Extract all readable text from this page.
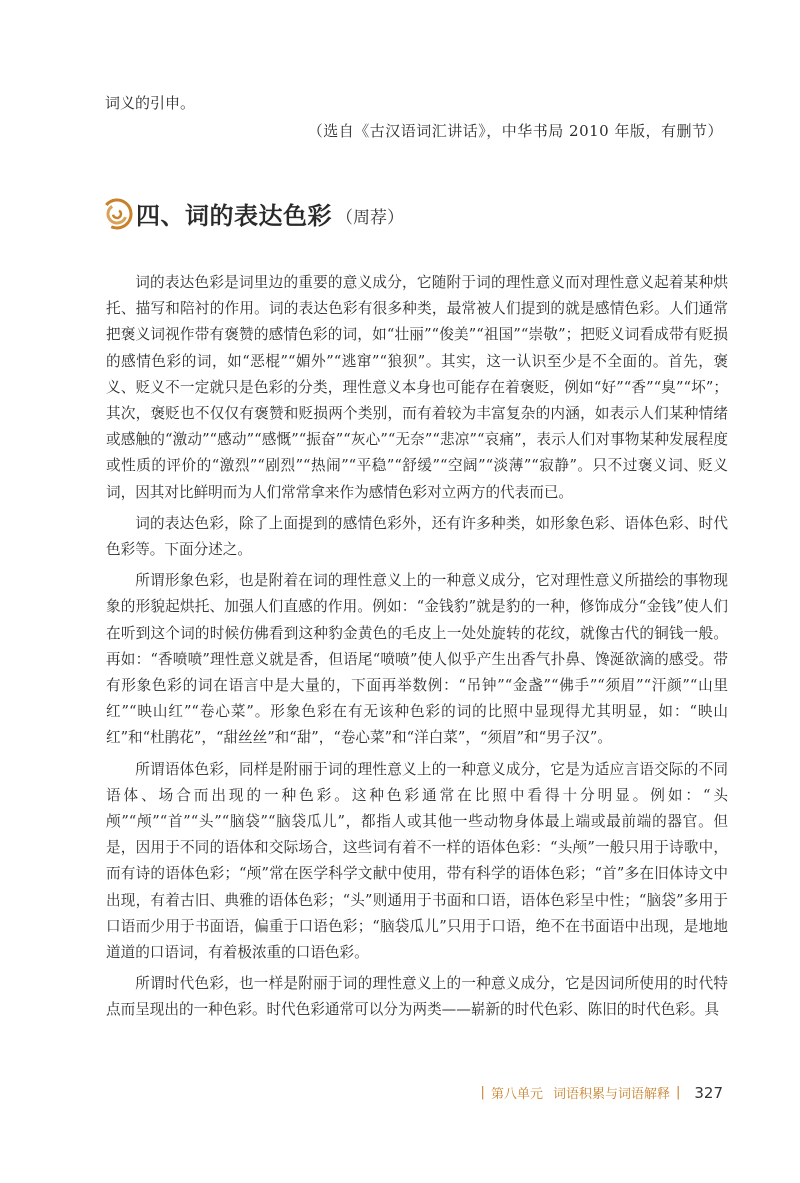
词义的引申。
（选自《古汉语词汇讲话》，中华书局 2010 年版，有删节）
四、词的表达色彩 （周荐）

词的表达色彩是词里边的重要的意义成分，它随附于词的理性意义而对理性意义起着某种烘托、描写和陪衬的作用。词的表达色彩有很多种类，最常被人们提到的就是感情色彩。人们通常把褒义词视作带有褒赞的感情色彩的词，如“壮丽”“俊美”“祖国”“崇敬”；把贬义词看成带有贬损的感情色彩的词，如“恶棍”“媚外”“逃窜”“狼狈”。其实，这一认识至少是不全面的。首先，褒义、贬义不一定就只是色彩的分类，理性意义本身也可能存在着褒贬，例如“好”“香”“臭”“坏”；其次，褒贬也不仅仅有褒赞和贬损两个类别，而有着较为丰富复杂的内涵，如表示人们某种情绪或感触的“激动”“感动”“感慨”“振奋”“灰心”“无奈”“悲凉”“哀痛”，表示人们对事物某种发展程度或性质的评价的“激烈”“剧烈”“热闹”“平稳”“舒缓”“空阔”“淡薄”“寂静”。只不过褒义词、贬义词，因其对比鲜明而为人们常常拿来作为感情色彩对立两方的代表而已。

词的表达色彩，除了上面提到的感情色彩外，还有许多种类，如形象色彩、语体色彩、时代色彩等。下面分述之。

所谓形象色彩，也是附着在词的理性意义上的一种意义成分，它对理性意义所描绘的事物现象的形貌起烘托、加强人们直感的作用。例如：“金钱豹”就是豹的一种，修饰成分“金钱”使人们在听到这个词的时候仿佛看到这种豹金黄色的毛皮上一处处旋转的花纹，就像古代的铜钱一般。再如：“香喷喷”理性意义就是香，但语尾“喷喷”使人似乎产生出香气扑鼻、馋涎欲滴的感受。带有形象色彩的词在语言中是大量的，下面再举数例：“吊钟”“金盏”“佛手”“须眉”“汗颜”“山里红”“映山红”“卷心菜”。形象色彩在有无该种色彩的词的比照中显现得尤其明显，如：“映山红”和“杜鹃花”，“甜丝丝”和“甜”，“卷心菜”和“洋白菜”，“须眉”和“男子汉”。

所谓语体色彩，同样是附丽于词的理性意义上的一种意义成分，它是为适应言语交际的不同语体、场合而出现的一种色彩。这种色彩通常在比照中看得十分明显。例如：“头颅”“颅”“首”“头”“脑袋”“脑袋瓜儿”，都指人或其他一些动物身体最上端或最前端的器官。但是，因用于不同的语体和交际场合，这些词有着不一样的语体色彩：“头颅”一般只用于诗歌中，而有诗的语体色彩；“颅”常在医学科学文献中使用，带有科学的语体色彩；“首”多在旧体诗文中出现，有着古旧、典雅的语体色彩；“头”则通用于书面和口语，语体色彩呈中性；“脑袋”多用于口语而少用于书面语，偏重于口语色彩；“脑袋瓜儿”只用于口语，绝不在书面语中出现，是地地道道的口语词，有着极浓重的口语色彩。

所谓时代色彩，也一样是附丽于词的理性意义上的一种意义成分，它是因词所使用的时代特点而呈现出的一种色彩。时代色彩通常可以分为两类——崭新的时代色彩、陈旧的时代色彩。具

| 第八单元 词语积累与词语解释 | 327
